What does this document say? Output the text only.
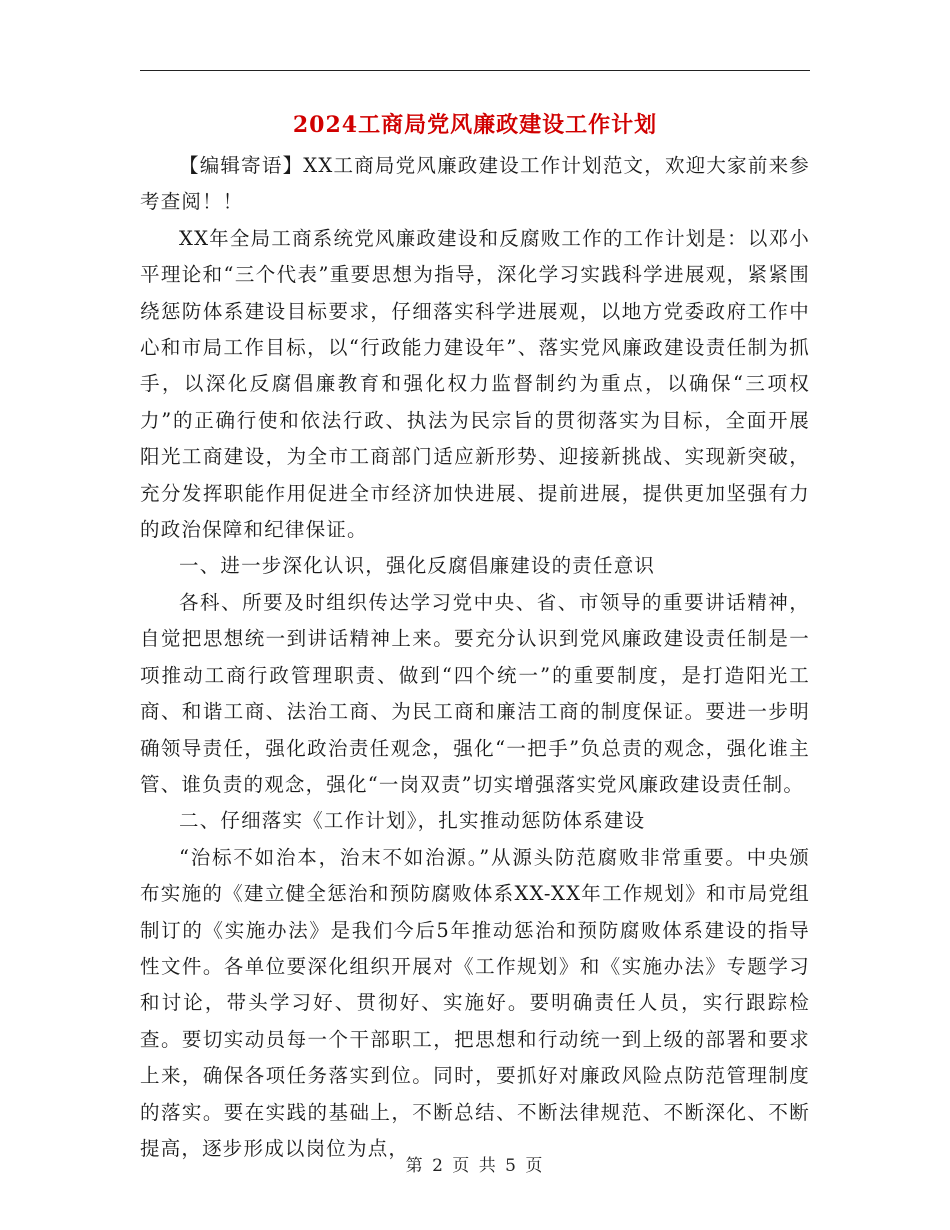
2024工商局党风廉政建设工作计划

【编辑寄语】XX工商局党风廉政建设工作计划范文，欢迎大家前来参考查阅！！

XX年全局工商系统党风廉政建设和反腐败工作的工作计划是：以邓小平理论和“三个代表”重要思想为指导，深化学习实践科学进展观，紧紧围绕惩防体系建设目标要求，仔细落实科学进展观，以地方党委政府工作中心和市局工作目标，以“行政能力建设年”、落实党风廉政建设责任制为抓手，以深化反腐倡廉教育和强化权力监督制约为重点，以确保“三项权力”的正确行使和依法行政、执法为民宗旨的贯彻落实为目标，全面开展阳光工商建设，为全市工商部门适应新形势、迎接新挑战、实现新突破，充分发挥职能作用促进全市经济加快进展、提前进展，提供更加坚强有力的政治保障和纪律保证。

一、进一步深化认识，强化反腐倡廉建设的责任意识

各科、所要及时组织传达学习党中央、省、市领导的重要讲话精神，自觉把思想统一到讲话精神上来。要充分认识到党风廉政建设责任制是一项推动工商行政管理职责、做到“四个统一”的重要制度，是打造阳光工商、和谐工商、法治工商、为民工商和廉洁工商的制度保证。要进一步明确领导责任，强化政治责任观念，强化“一把手”负总责的观念，强化谁主管、谁负责的观念，强化“一岗双责”切实增强落实党风廉政建设责任制。

二、仔细落实《工作计划》，扎实推动惩防体系建设

“治标不如治本，治末不如治源。”从源头防范腐败非常重要。中央颁布实施的《建立健全惩治和预防腐败体系XX-XX年工作规划》和市局党组制订的《实施办法》是我们今后5年推动惩治和预防腐败体系建设的指导性文件。各单位要深化组织开展对《工作规划》和《实施办法》专题学习和讨论，带头学习好、贯彻好、实施好。要明确责任人员，实行跟踪检查。要切实动员每一个干部职工，把思想和行动统一到上级的部署和要求上来，确保各项任务落实到位。同时，要抓好对廉政风险点防范管理制度的落实。要在实践的基础上，不断总结、不断法律规范、不断深化、不断提高，逐步形成以岗位为点，

第 2 页 共 5 页
